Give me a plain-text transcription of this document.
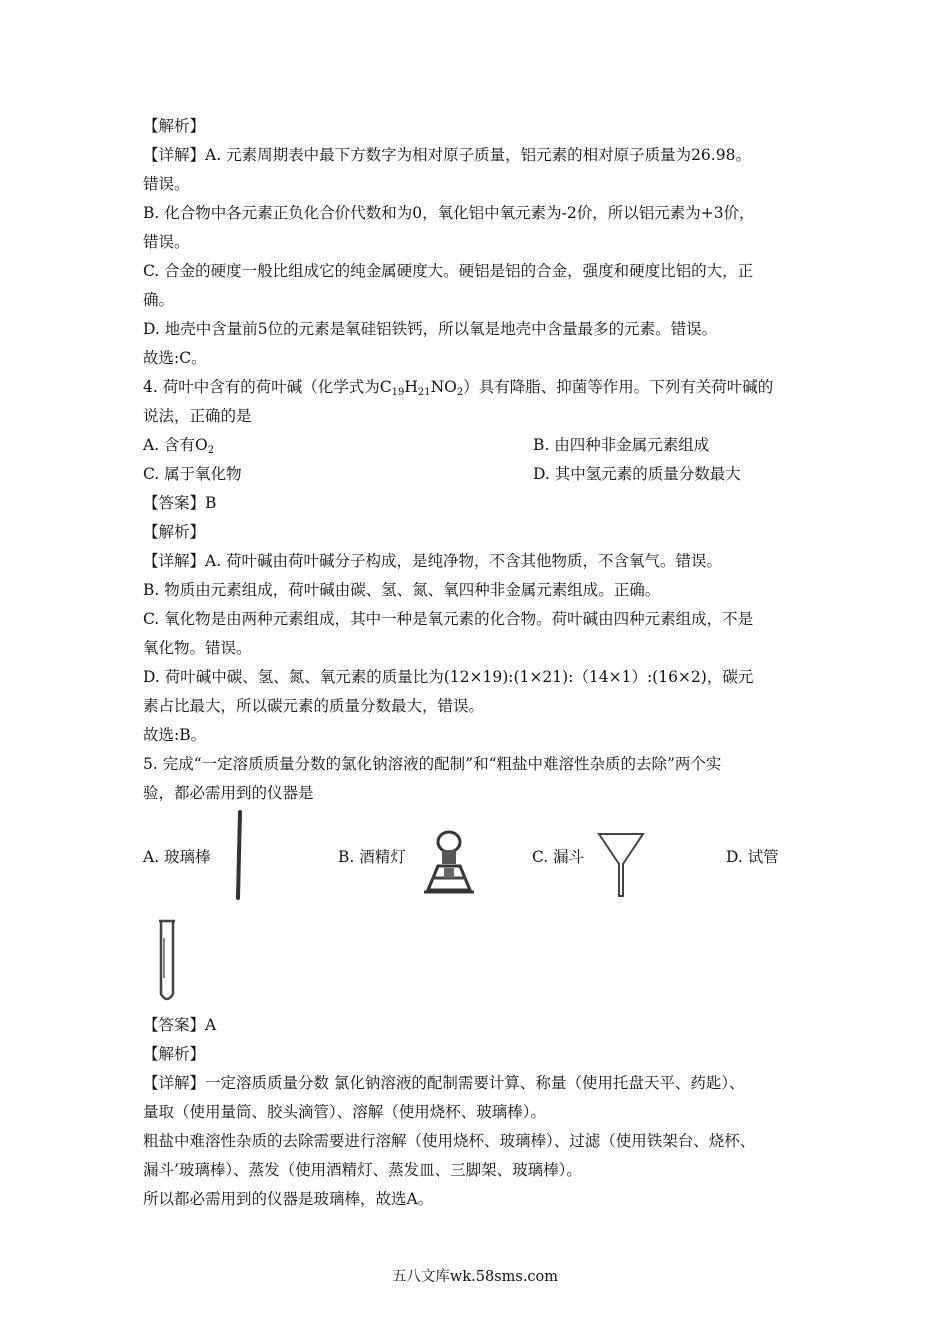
【解析】
【详解】A. 元素周期表中最下方数字为相对原子质量，铝元素的相对原子质量为26.98。
错误。
B. 化合物中各元素正负化合价代数和为0，氧化铝中氧元素为-2价，所以铝元素为+3价，
错误。
C. 合金的硬度一般比组成它的纯金属硬度大。硬铝是铝的合金，强度和硬度比铝的大，正
确。
D. 地壳中含量前5位的元素是氧硅铝铁钙，所以氧是地壳中含量最多的元素。错误。
故选:C。
4. 荷叶中含有的荷叶碱（化学式为$C_{19}H_{21}NO_2$）具有降脂、抑菌等作用。下列有关荷叶碱的
说法，正确的是
A. 含有$O_2$	B. 由四种非金属元素组成
C. 属于氧化物	D. 其中氢元素的质量分数最大
【答案】B
【解析】
【详解】A. 荷叶碱由荷叶碱分子构成，是纯净物，不含其他物质，不含氧气。错误。
B. 物质由元素组成，荷叶碱由碳、氢、氮、氧四种非金属元素组成。正确。
C. 氧化物是由两种元素组成，其中一种是氧元素的化合物。荷叶碱由四种元素组成，不是
氧化物。错误。
D. 荷叶碱中碳、氢、氮、氧元素的质量比为(12×19):(1×21):（14×1）:(16×2)，碳元
素占比最大，所以碳元素的质量分数最大，错误。
故选:B。
5. 完成“一定溶质质量分数的氯化钠溶液的配制”和“粗盐中难溶性杂质的去除”两个实
验，都必需用到的仪器是
A. 玻璃棒	B. 酒精灯	C. 漏斗	D. 试管
【答案】A
【解析】
【详解】一定溶质质量分数 氯化钠溶液的配制需要计算、称量（使用托盘天平、药匙）、
量取（使用量筒、胶头滴管）、溶解（使用烧杯、玻璃棒）。
粗盐中难溶性杂质的去除需要进行溶解（使用烧杯、玻璃棒）、过滤（使用铁架台、烧杯、
漏斗’玻璃棒）、蒸发（使用酒精灯、蒸发皿、三脚架、玻璃棒）。
所以都必需用到的仪器是玻璃棒，故选A。
五八文库wk.58sms.com
